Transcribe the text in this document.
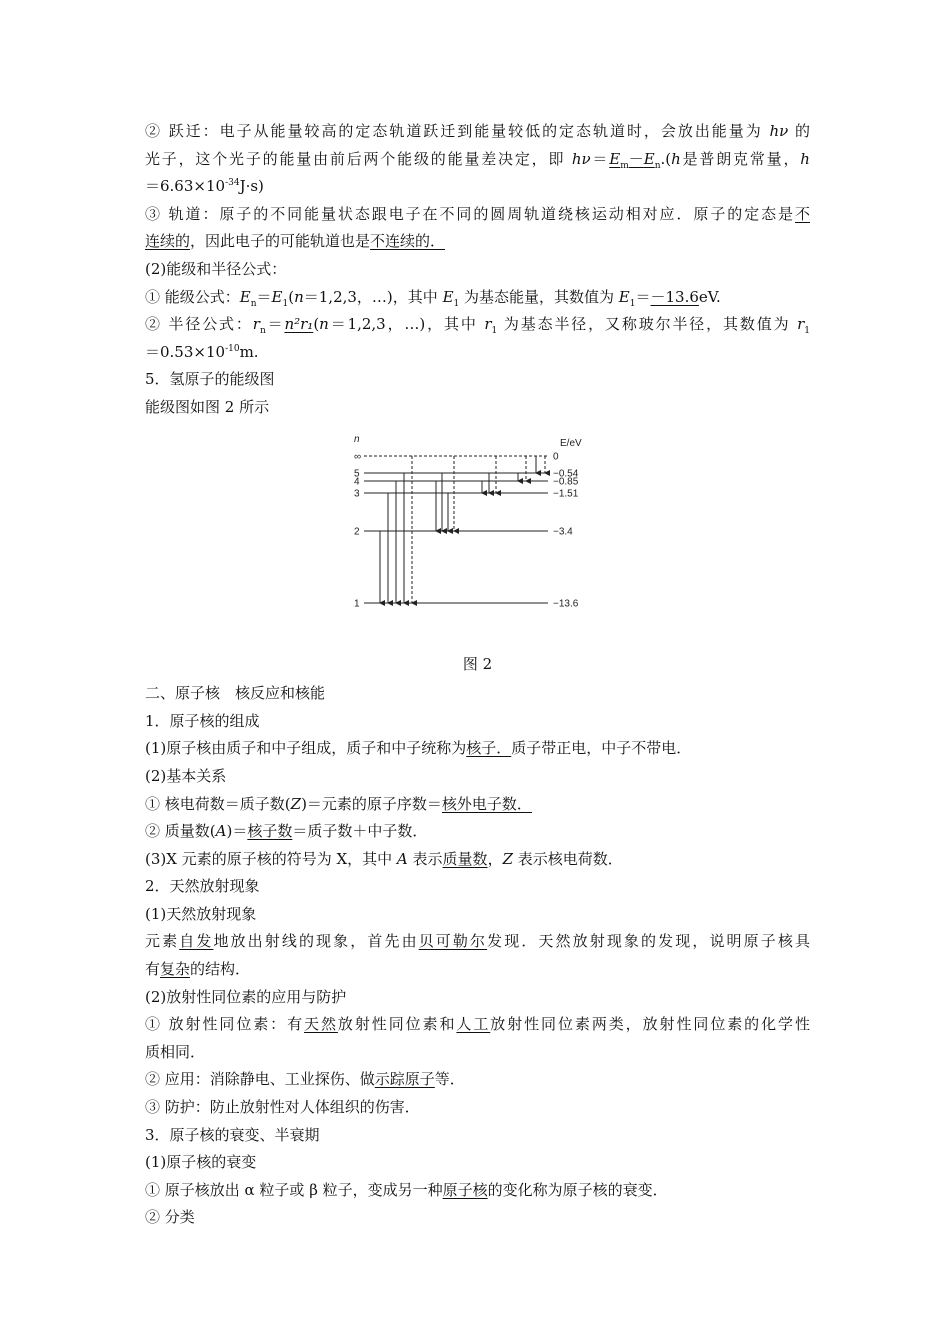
② 跃迁：电子从能量较高的定态轨道跃迁到能量较低的定态轨道时，会放出能量为 hν 的
光子，这个光子的能量由前后两个能级的能量差决定，即 $h\nu=E_m-E_n.(h$是普朗克常量，h
$=6.63\times 10^{-34}J\cdot s$)
③ 轨道：原子的不同能量状态跟电子在不同的圆周轨道绕核运动相对应．原子的定态是不
连续的，因此电子的可能轨道也是不连续的．
(2)能级和半径公式：
① 能级公式：$E_n=E_1(n=1,2,3$，…)，其中 $E_1$ 为基态能量，其数值为 $E_1=-13.6eV$.
② 半径公式：$r_n=n^2r_1(n=1,2,3$，…)，其中 $r_1$ 为基态半径，又称玻尔半径，其数值为 $r_1$
$=0.53\times 10^{-10}m$.
5．氢原子的能级图
能级图如图 2 所示
n	E/eV
∞	0
5	−0.54
4	−0.85
3	−1.51
2	−3.4
1	−13.6
图 2
二、原子核　核反应和核能
1．原子核的组成
(1)原子核由质子和中子组成，质子和中子统称为核子．质子带正电，中子不带电．
(2)基本关系
① 核电荷数＝质子数(Z)＝元素的原子序数＝核外电子数．
② 质量数(A)＝核子数＝质子数＋中子数．
(3)X 元素的原子核的符号为 X，其中 A 表示质量数，Z 表示核电荷数．
2．天然放射现象
(1)天然放射现象
元素自发地放出射线的现象，首先由贝可勒尔发现．天然放射现象的发现，说明原子核具
有复杂的结构．
(2)放射性同位素的应用与防护
① 放射性同位素：有天然放射性同位素和人工放射性同位素两类，放射性同位素的化学性
质相同．
② 应用：消除静电、工业探伤、做示踪原子等．
③ 防护：防止放射性对人体组织的伤害．
3．原子核的衰变、半衰期
(1)原子核的衰变
① 原子核放出 α 粒子或 β 粒子，变成另一种原子核的变化称为原子核的衰变．
② 分类
